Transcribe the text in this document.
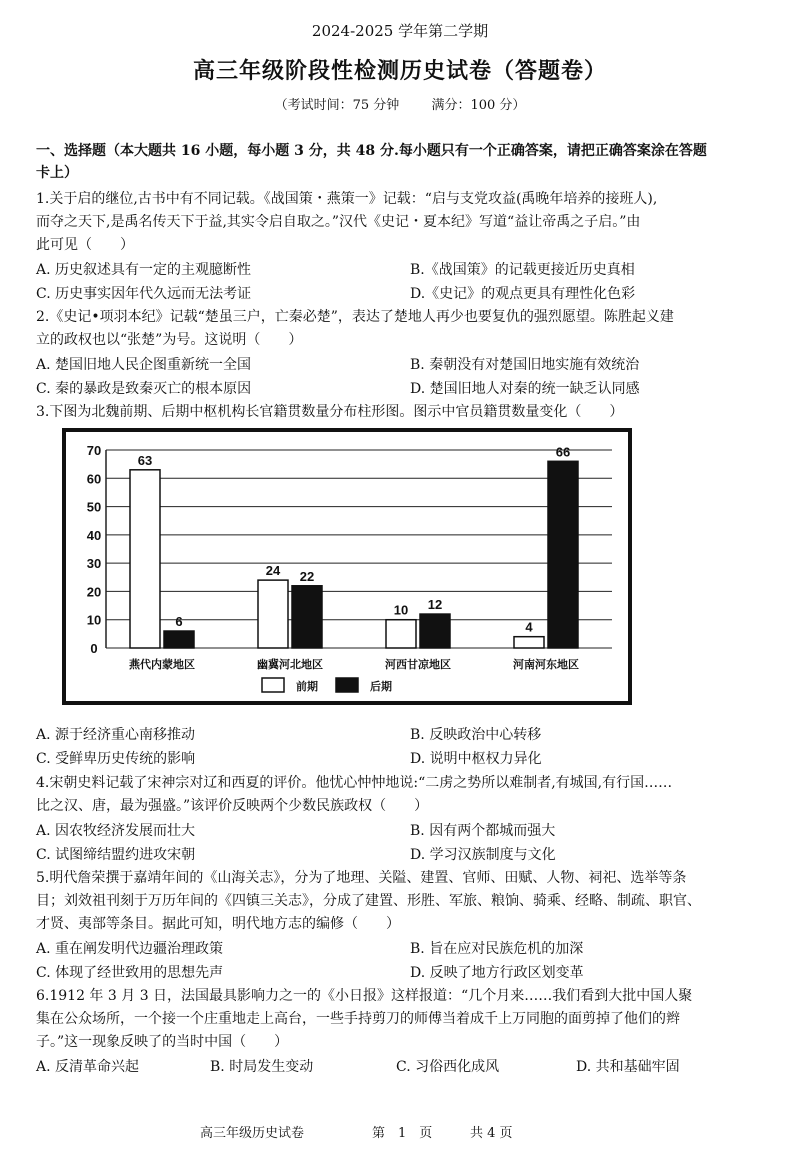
2024-2025 学年第二学期
高三年级阶段性检测历史试卷（答题卷）
（考试时间：75 分钟 满分：100 分）
一、选择题（本大题共 16 小题，每小题 3 分，共 48 分.每小题只有一个正确答案，请把正确答案涂在答题
卡上）
1.关于启的继位,古书中有不同记载。《战国策・燕策一》记载：“启与支党攻益(禹晚年培养的接班人),
而夺之天下,是禹名传天下于益,其实令启自取之。”汉代《史记・夏本纪》写道“益让帝禹之子启。”由
此可见（　　）
A. 历史叙述具有一定的主观臆断性	B.《战国策》的记载更接近历史真相
C. 历史事实因年代久远而无法考证	D.《史记》的观点更具有理性化色彩
2.《史记•项羽本纪》记载“楚虽三户，亡秦必楚”，表达了楚地人再少也要复仇的强烈愿望。陈胜起义建
立的政权也以“张楚”为号。这说明（　　）
A. 楚国旧地人民企图重新统一全国	B. 秦朝没有对楚国旧地实施有效统治
C. 秦的暴政是致秦灭亡的根本原因	D. 楚国旧地人对秦的统一缺乏认同感
3.下图为北魏前期、后期中枢机构长官籍贯数量分布柱形图。图示中官员籍贯数量变化（　　）
0
10
20
30
40
50
60
70
63
6
燕代内蒙地区
24 22
幽冀河北地区
10 12
河西甘凉地区
4
66
河南河东地区
前期	后期
A. 源于经济重心南移推动	B. 反映政治中心转移
C. 受鲜卑历史传统的影响	D. 说明中枢权力异化
4.宋朝史料记载了宋神宗对辽和西夏的评价。他忧心忡忡地说:“二虏之势所以难制者,有城国,有行国……
比之汉、唐，最为强盛。”该评价反映两个少数民族政权（　　）
A. 因农牧经济发展而壮大	B. 因有两个都城而强大
C. 试图缔结盟约进攻宋朝	D. 学习汉族制度与文化
5.明代詹荣撰于嘉靖年间的《山海关志》，分为了地理、关隘、建置、官师、田赋、人物、祠祀、选举等条
目；刘效祖刊刻于万历年间的《四镇三关志》，分成了建置、形胜、军旅、粮饷、骑乘、经略、制疏、职官、
才贤、夷部等条目。据此可知，明代地方志的编修（　　）
A. 重在阐发明代边疆治理政策	B. 旨在应对民族危机的加深
C. 体现了经世致用的思想先声	D. 反映了地方行政区划变革
6.1912 年 3 月 3 日，法国最具影响力之一的《小日报》这样报道：“几个月来……我们看到大批中国人聚
集在公众场所，一个接一个庄重地走上高台，一些手持剪刀的师傅当着成千上万同胞的面剪掉了他们的辫
子。”这一现象反映了的当时中国（　　）
A. 反清革命兴起	B. 时局发生变动	C. 习俗西化成风	D. 共和基础牢固
高三年级历史试卷	第　1　页	共 4 页
